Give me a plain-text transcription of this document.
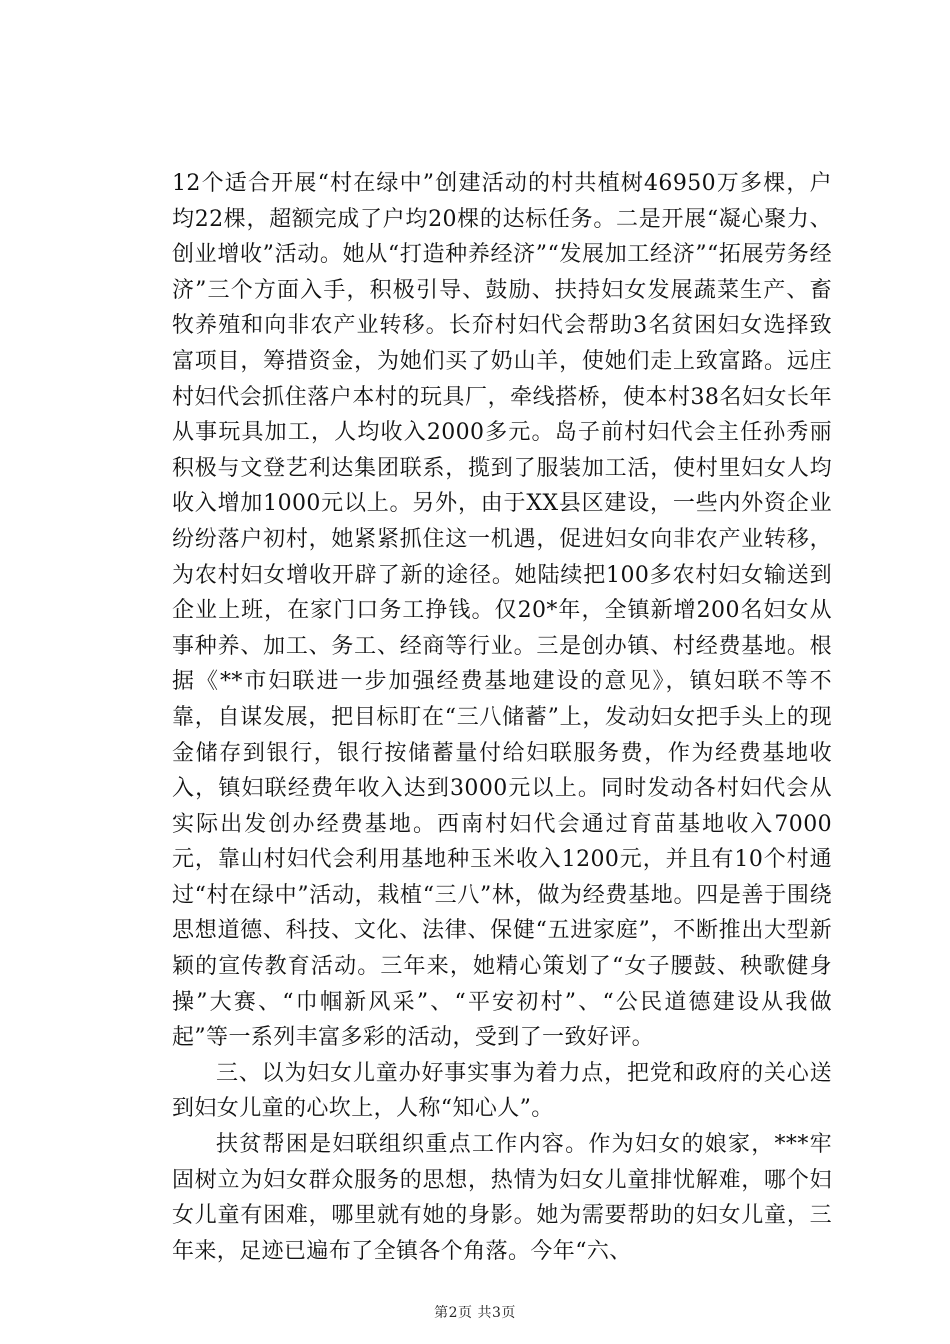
12个适合开展“村在绿中”创建活动的村共植树46950万多棵，户均22棵，超额完成了户均20棵的达标任务。二是开展“凝心聚力、创业增收”活动。她从“打造种养经济”“发展加工经济”“拓展劳务经济”三个方面入手，积极引导、鼓励、扶持妇女发展蔬菜生产、畜牧养殖和向非农产业转移。长夼村妇代会帮助3名贫困妇女选择致富项目，筹措资金，为她们买了奶山羊，使她们走上致富路。远庄村妇代会抓住落户本村的玩具厂，牵线搭桥，使本村38名妇女长年从事玩具加工，人均收入2000多元。岛子前村妇代会主任孙秀丽积极与文登艺利达集团联系，揽到了服装加工活，使村里妇女人均收入增加1000元以上。另外，由于XX县区建设，一些内外资企业纷纷落户初村，她紧紧抓住这一机遇，促进妇女向非农产业转移，为农村妇女增收开辟了新的途径。她陆续把100多农村妇女输送到企业上班，在家门口务工挣钱。仅20*年，全镇新增200名妇女从事种养、加工、务工、经商等行业。三是创办镇、村经费基地。根据《**市妇联进一步加强经费基地建设的意见》，镇妇联不等不靠，自谋发展，把目标盯在“三八储蓄”上，发动妇女把手头上的现金储存到银行，银行按储蓄量付给妇联服务费，作为经费基地收入，镇妇联经费年收入达到3000元以上。同时发动各村妇代会从实际出发创办经费基地。西南村妇代会通过育苗基地收入7000元，靠山村妇代会利用基地种玉米收入1200元，并且有10个村通过“村在绿中”活动，栽植“三八”林，做为经费基地。四是善于围绕思想道德、科技、文化、法律、保健“五进家庭”，不断推出大型新颖的宣传教育活动。三年来，她精心策划了“女子腰鼓、秧歌健身操”大赛、“巾帼新风采”、“平安初村”、“公民道德建设从我做起”等一系列丰富多彩的活动，受到了一致好评。

三、以为妇女儿童办好事实事为着力点，把党和政府的关心送到妇女儿童的心坎上，人称“知心人”。

扶贫帮困是妇联组织重点工作内容。作为妇女的娘家，***牢固树立为妇女群众服务的思想，热情为妇女儿童排忧解难，哪个妇女儿童有困难，哪里就有她的身影。她为需要帮助的妇女儿童，三年来，足迹已遍布了全镇各个角落。今年“六、

第2页 共3页
